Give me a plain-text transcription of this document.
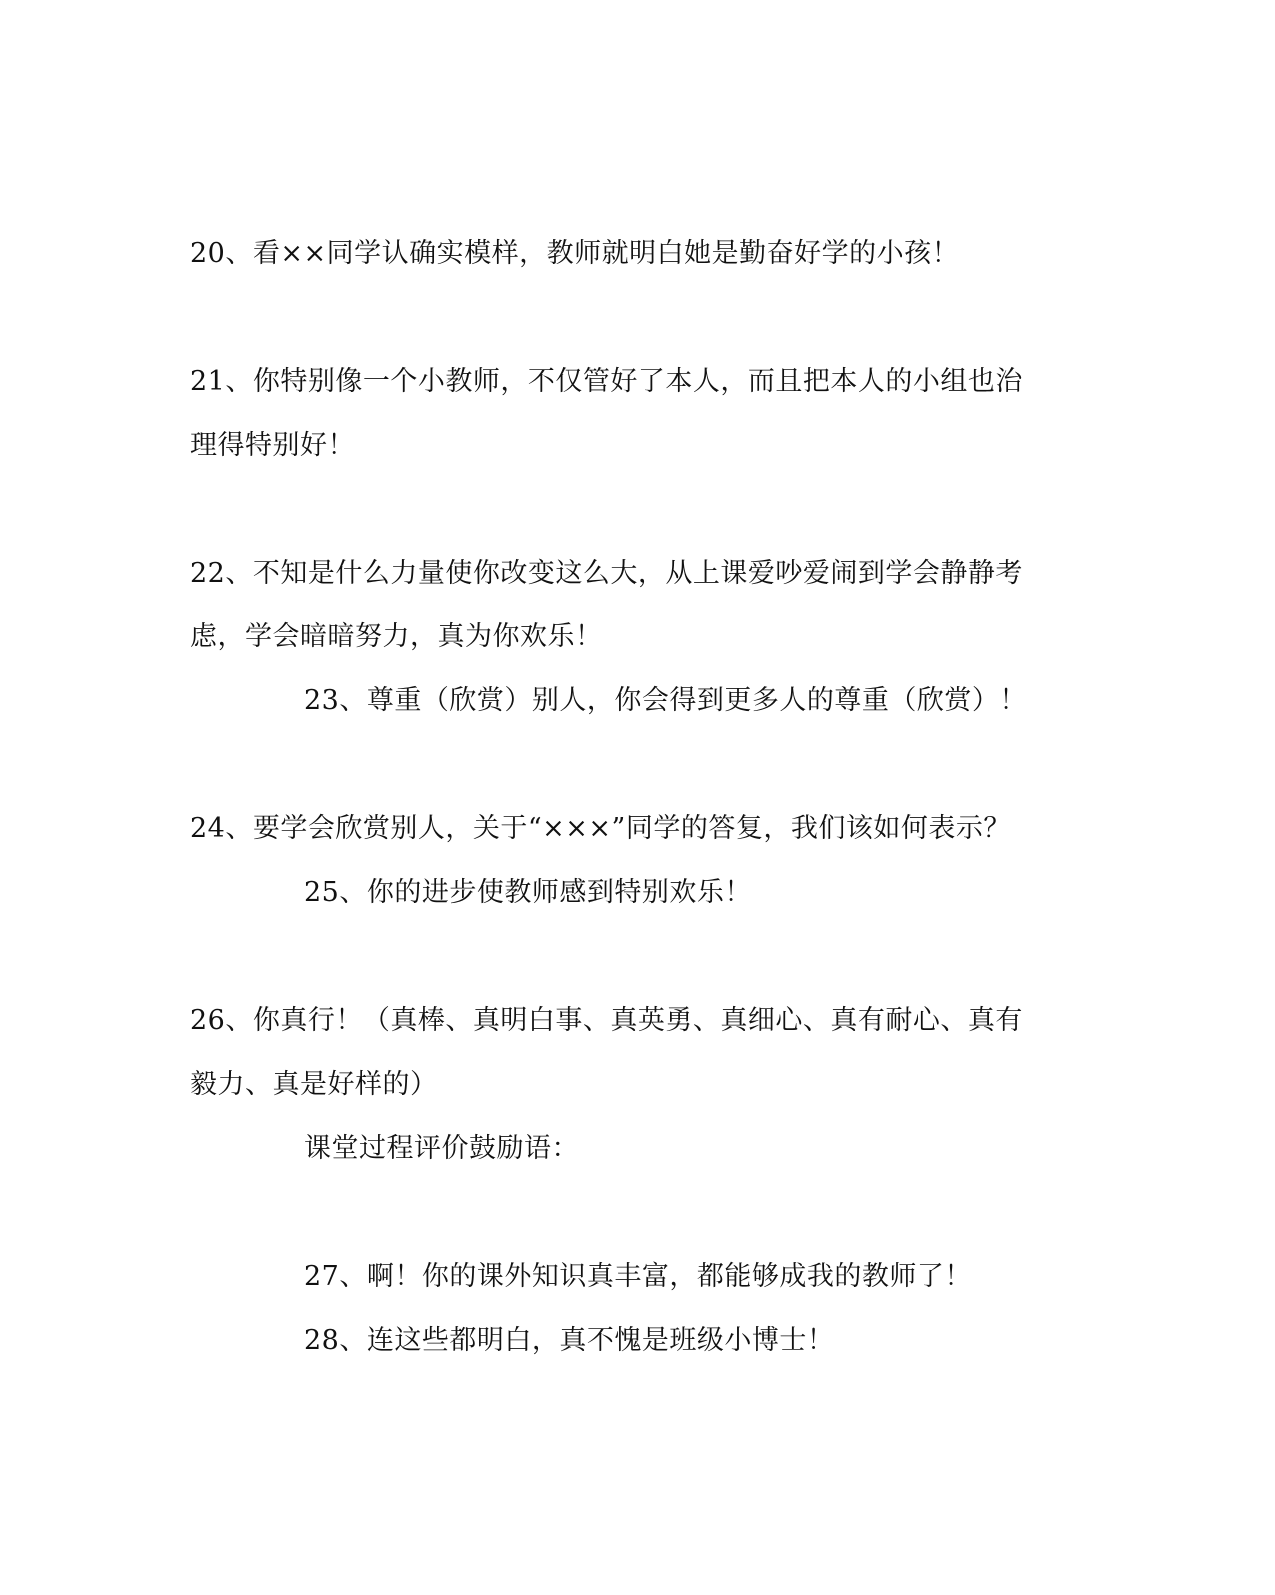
20、看××同学认确实模样，教师就明白她是勤奋好学的小孩！
21、你特别像一个小教师，不仅管好了本人，而且把本人的小组也治
理得特别好！
22、不知是什么力量使你改变这么大，从上课爱吵爱闹到学会静静考
虑，学会暗暗努力，真为你欢乐！
23、尊重（欣赏）别人，你会得到更多人的尊重（欣赏）！
24、要学会欣赏别人，关于“×××”同学的答复，我们该如何表示？
25、你的进步使教师感到特别欢乐！
26、你真行！（真棒、真明白事、真英勇、真细心、真有耐心、真有
毅力、真是好样的）
课堂过程评价鼓励语：
27、啊！你的课外知识真丰富，都能够成我的教师了！
28、连这些都明白，真不愧是班级小博士！
